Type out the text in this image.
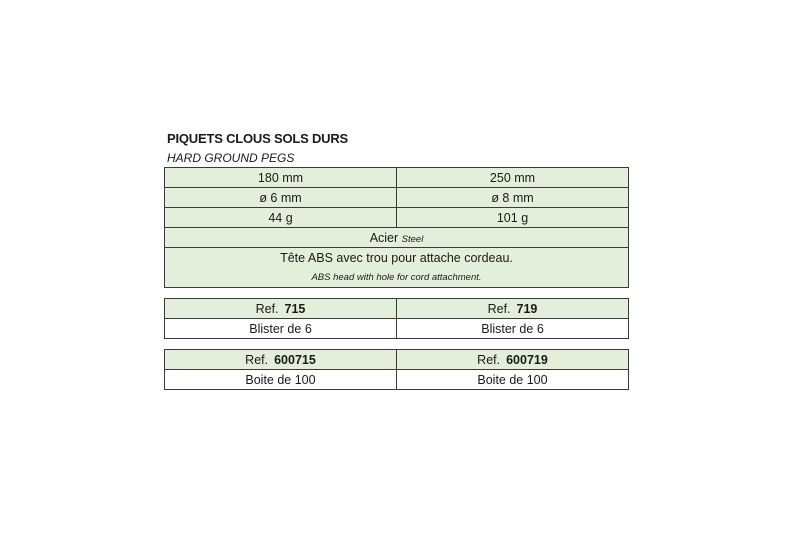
PIQUETS CLOUS SOLS DURS
HARD GROUND PEGS
180 mm	250 mm
ø 6 mm	ø 8 mm
44 g	101 g
Acier Steel	

Tête ABS avec trou pour attache cordeau.
ABS head with hole for cord attachment.	
Ref. 715	Ref. 719
Blister de 6	Blister de 6
Ref. 600715	Ref. 600719
Boite de 100	Boite de 100
